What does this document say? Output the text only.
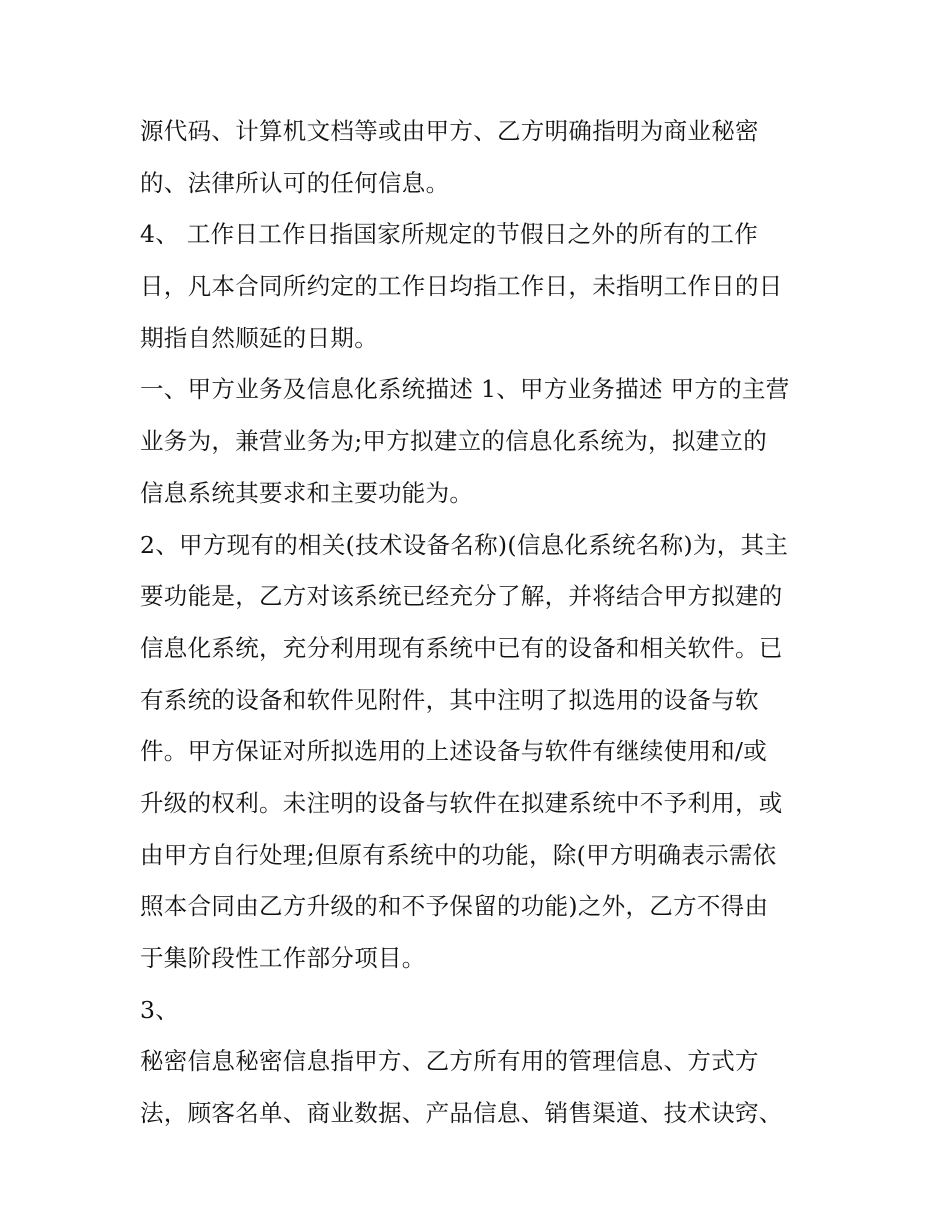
源代码、计算机文档等或由甲方、乙方明确指明为商业秘密
的、法律所认可的任何信息。
4、 工作日工作日指国家所规定的节假日之外的所有的工作
日，凡本合同所约定的工作日均指工作日，未指明工作日的日
期指自然顺延的日期。
一、甲方业务及信息化系统描述 1、甲方业务描述 甲方的主营
业务为，兼营业务为;甲方拟建立的信息化系统为，拟建立的
信息系统其要求和主要功能为。
2、甲方现有的相关(技术设备名称)(信息化系统名称)为，其主
要功能是，乙方对该系统已经充分了解，并将结合甲方拟建的
信息化系统，充分利用现有系统中已有的设备和相关软件。已
有系统的设备和软件见附件，其中注明了拟选用的设备与软
件。甲方保证对所拟选用的上述设备与软件有继续使用和/或
升级的权利。未注明的设备与软件在拟建系统中不予利用，或
由甲方自行处理;但原有系统中的功能，除(甲方明确表示需依
照本合同由乙方升级的和不予保留的功能)之外，乙方不得由
于集阶段性工作部分项目。
3、
秘密信息秘密信息指甲方、乙方所有用的管理信息、方式方
法，顾客名单、商业数据、产品信息、销售渠道、技术诀窍、
